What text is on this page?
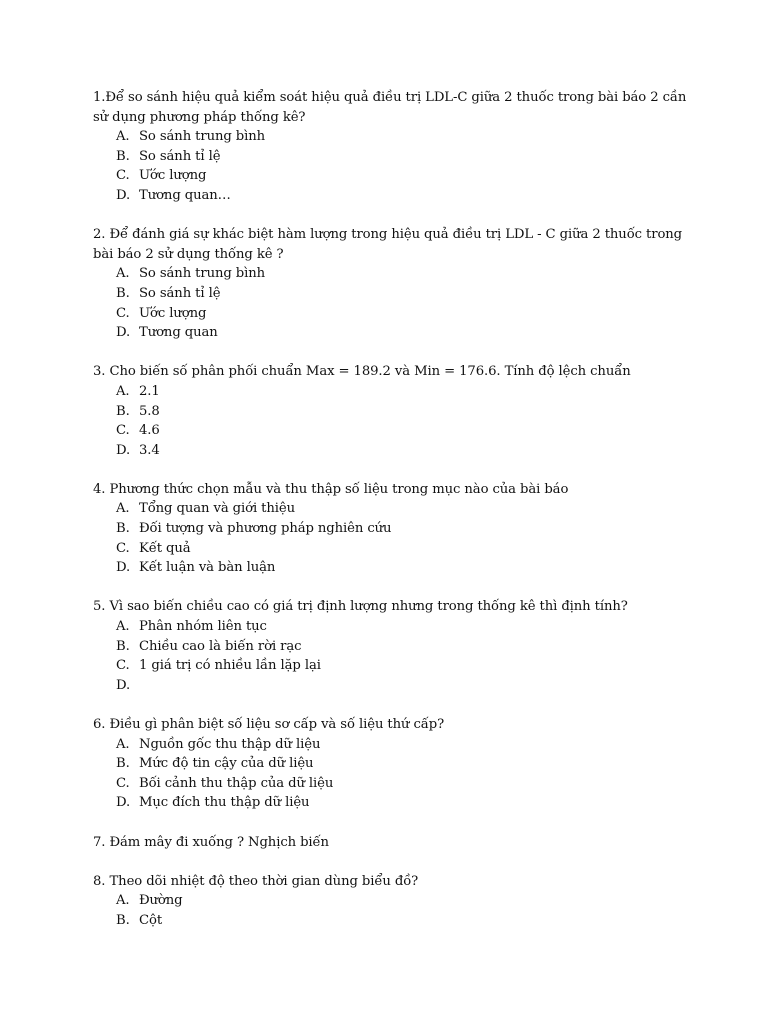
1.Để so sánh hiệu quả kiểm soát hiệu quả điều trị LDL-C giữa 2 thuốc trong bài báo 2 cần sử dụng phương pháp thống kê?

A. So sánh trung bình
B. So sánh tỉ lệ
C. Ước lượng
D. Tương quan…

2. Để đánh giá sự khác biệt hàm lượng trong hiệu quả điều trị LDL - C giữa 2 thuốc trong bài báo 2 sử dụng thống kê ?

A. So sánh trung bình
B. So sánh tỉ lệ
C. Ước lượng
D. Tương quan

3. Cho biến số phân phối chuẩn Max = 189.2 và Min = 176.6. Tính độ lệch chuẩn

A. 2.1
B. 5.8
C. 4.6
D. 3.4

4. Phương thức chọn mẫu và thu thập số liệu trong mục nào của bài báo

A. Tổng quan và giới thiệu
B. Đối tượng và phương pháp nghiên cứu
C. Kết quả
D. Kết luận và bàn luận

5. Vì sao biến chiều cao có giá trị định lượng nhưng trong thống kê thì định tính?

A. Phân nhóm liên tục
B. Chiều cao là biến rời rạc
C. 1 giá trị có nhiều lần lặp lại
D.

6. Điều gì phân biệt số liệu sơ cấp và số liệu thứ cấp?

A. Nguồn gốc thu thập dữ liệu
B. Mức độ tin cậy của dữ liệu
C. Bối cảnh thu thập của dữ liệu
D. Mục đích thu thập dữ liệu

7. Đám mây đi xuống ? Nghịch biến

8. Theo dõi nhiệt độ theo thời gian dùng biểu đồ?

A. Đường
B. Cột
